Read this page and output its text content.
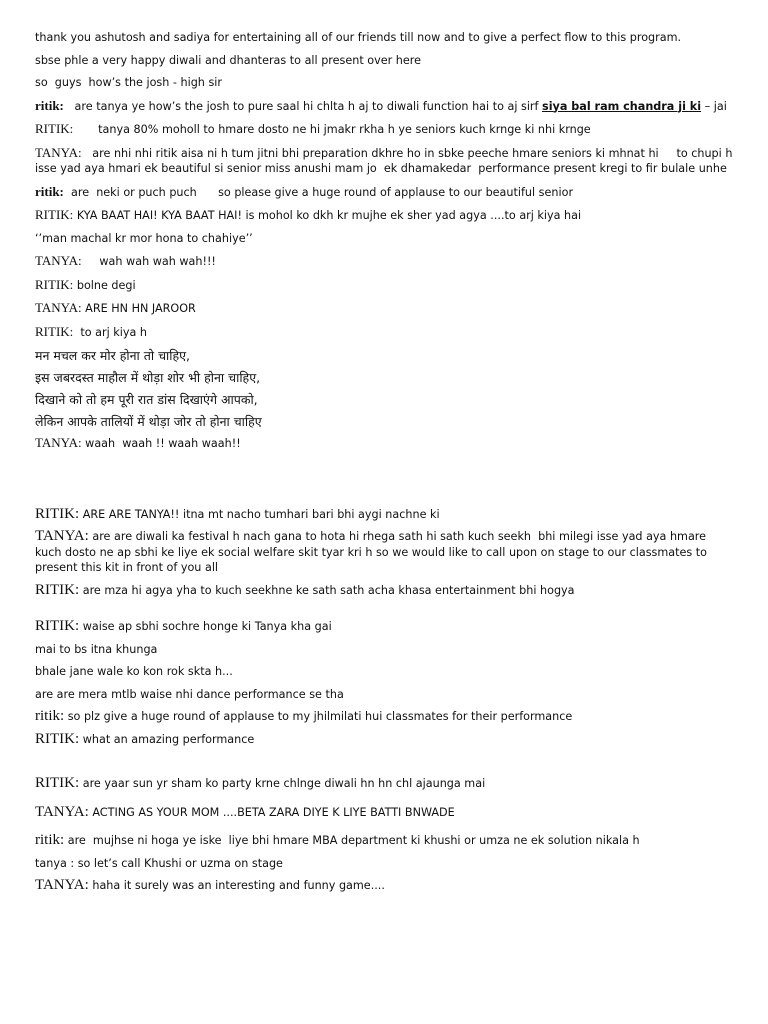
thank you ashutosh and sadiya for entertaining all of our friends till now and to give a perfect flow to this program.

sbse phle a very happy diwali and dhanteras to all present over here

so  guys  how’s the josh - high sir

ritik:   are tanya ye how’s the josh to pure saal hi chlta h aj to diwali function hai to aj sirf siya bal ram chandra ji ki – jai

RITIK:       tanya 80% moholl to hmare dosto ne hi jmakr rkha h ye seniors kuch krnge ki nhi krnge

TANYA:   are nhi nhi ritik aisa ni h tum jitni bhi preparation dkhre ho in sbke peeche hmare seniors ki mhnat hi     to chupi h isse yad aya hmari ek beautiful si senior miss anushi mam jo  ek dhamakedar  performance present kregi to fir bulale unhe

ritik:  are  neki or puch puch      so please give a huge round of applause to our beautiful senior

RITIK: KYA BAAT HAI! KYA BAAT HAI! is mohol ko dkh kr mujhe ek sher yad agya ....to arj kiya hai

‘’man machal kr mor hona to chahiye’’

TANYA:     wah wah wah wah!!!

RITIK: bolne degi

TANYA: ARE HN HN JAROOR

RITIK:  to arj kiya h

मन मचल कर मोर होना तो चाहिए,

इस जबरदस्त माहौल में थोड़ा शोर भी होना चाहिए,

दिखाने को तो हम पूरी रात डांस दिखाएंगे आपको,

लेकिन आपके तालियों में थोड़ा जोर तो होना चाहिए

TANYA: waah  waah !! waah waah!!

RITIK: ARE ARE TANYA!! itna mt nacho tumhari bari bhi aygi nachne ki

TANYA: are are diwali ka festival h nach gana to hota hi rhega sath hi sath kuch seekh  bhi milegi isse yad aya hmare kuch dosto ne ap sbhi ke liye ek social welfare skit tyar kri h so we would like to call upon on stage to our classmates to present this kit in front of you all

RITIK: are mza hi agya yha to kuch seekhne ke sath sath acha khasa entertainment bhi hogya

RITIK: waise ap sbhi sochre honge ki Tanya kha gai

mai to bs itna khunga

bhale jane wale ko kon rok skta h...

are are mera mtlb waise nhi dance performance se tha

ritik: so plz give a huge round of applause to my jhilmilati hui classmates for their performance

RITIK: what an amazing performance

RITIK: are yaar sun yr sham ko party krne chlnge diwali hn hn chl ajaunga mai

TANYA: ACTING AS YOUR MOM ....BETA ZARA DIYE K LIYE BATTI BNWADE

ritik: are  mujhse ni hoga ye iske  liye bhi hmare MBA department ki khushi or umza ne ek solution nikala h

tanya : so let’s call Khushi or uzma on stage

TANYA: haha it surely was an interesting and funny game....
